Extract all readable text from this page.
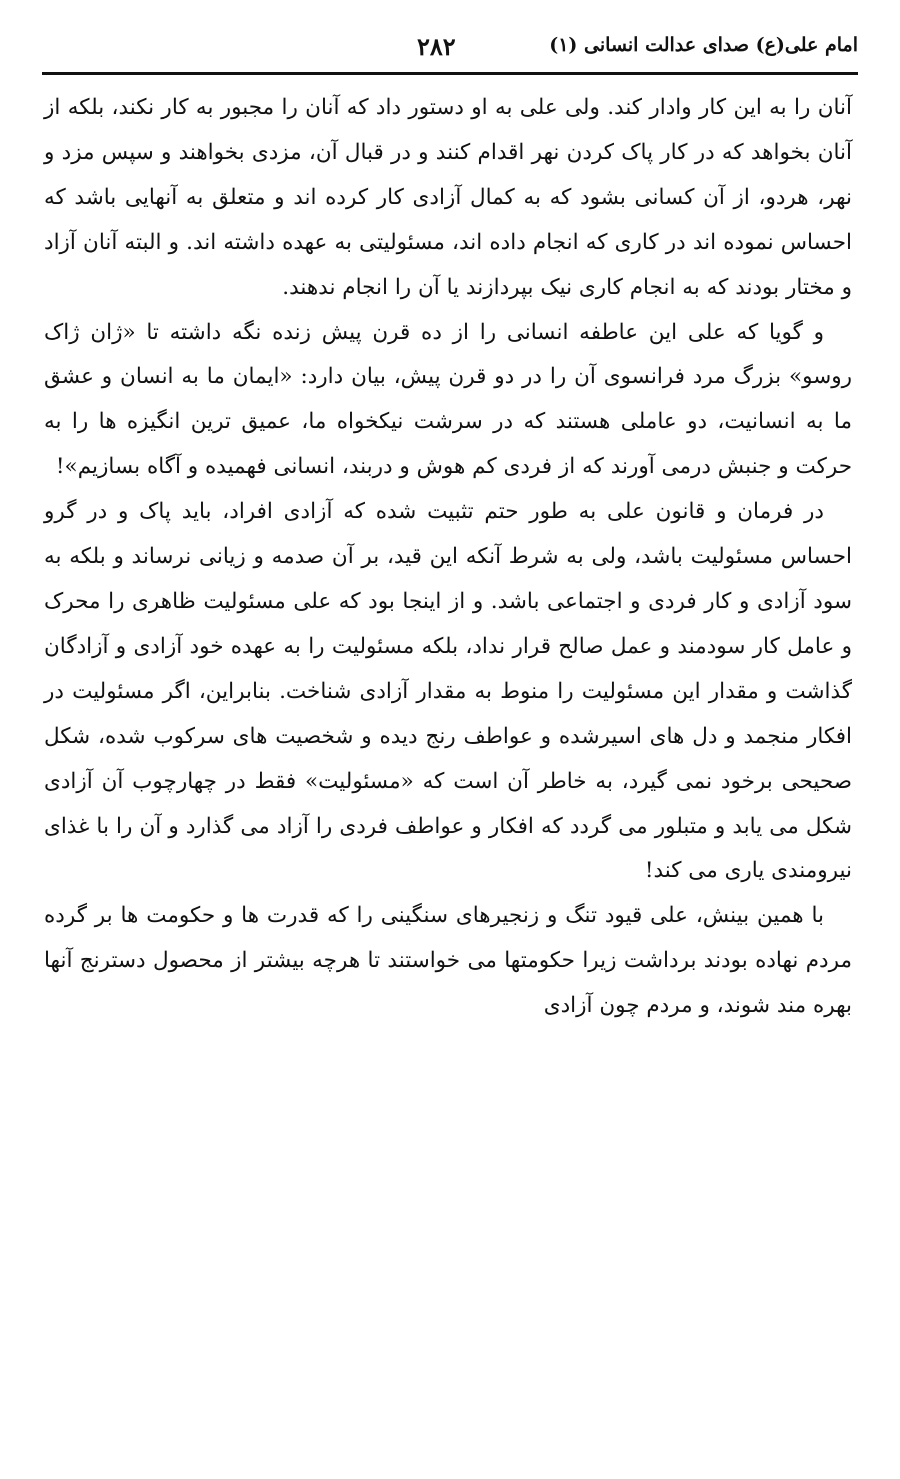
امام علی(ع) صدای عدالت انسانی (۱)
۲۸۲

آنان را به این کار وادار کند. ولی علی به او دستور داد که آنان را مجبور به کار نکند، بلکه از آنان بخواهد که در کار پاک کردن نهر اقدام کنند و در قبال آن، مزدی بخواهند و سپس مزد و نهر، هردو، از آن کسانی بشود که به کمال آزادی کار کرده اند و متعلق به آنهایی باشد که احساس نموده اند در کاری که انجام داده اند، مسئولیتی به عهده داشته اند. و البته آنان آزاد و مختار بودند که به انجام کاری نیک بپردازند یا آن را انجام ندهند.

و گویا که علی این عاطفه انسانی را از ده قرن پیش زنده نگه داشته تا «ژان ژاک روسو» بزرگ مرد فرانسوی آن را در دو قرن پیش، بیان دارد: «ایمان ما به انسان و عشق ما به انسانیت، دو عاملی هستند که در سرشت نیکخواه ما، عمیق ترین انگیزه ها را به حرکت و جنبش درمی آورند که از فردی کم هوش و دربند، انسانی فهمیده و آگاه بسازیم»!

در فرمان و قانون علی به طور حتم تثبیت شده که آزادی افراد، باید پاک و در گرو احساس مسئولیت باشد، ولی به شرط آنکه این قید، بر آن صدمه و زیانی نرساند و بلکه به سود آزادی و کار فردی و اجتماعی باشد. و از اینجا بود که علی مسئولیت ظاهری را محرک و عامل کار سودمند و عمل صالح قرار نداد، بلکه مسئولیت را به عهده خود آزادی و آزادگان گذاشت و مقدار این مسئولیت را منوط به مقدار آزادی شناخت. بنابراین، اگر مسئولیت در افکار منجمد و دل های اسیرشده و عواطف رنج دیده و شخصیت های سرکوب شده، شکل صحیحی برخود نمی گیرد، به خاطر آن است که «مسئولیت» فقط در چهارچوب آن آزادی شکل می یابد و متبلور می گردد که افکار و عواطف فردی را آزاد می گذارد و آن را با غذای نیرومندی یاری می کند!

با همین بینش، علی قیود تنگ و زنجیرهای سنگینی را که قدرت ها و حکومت ها بر گرده مردم نهاده بودند برداشت زیرا حکومتها می خواستند تا هرچه بیشتر از محصول دسترنج آنها بهره مند شوند، و مردم چون آزادی
